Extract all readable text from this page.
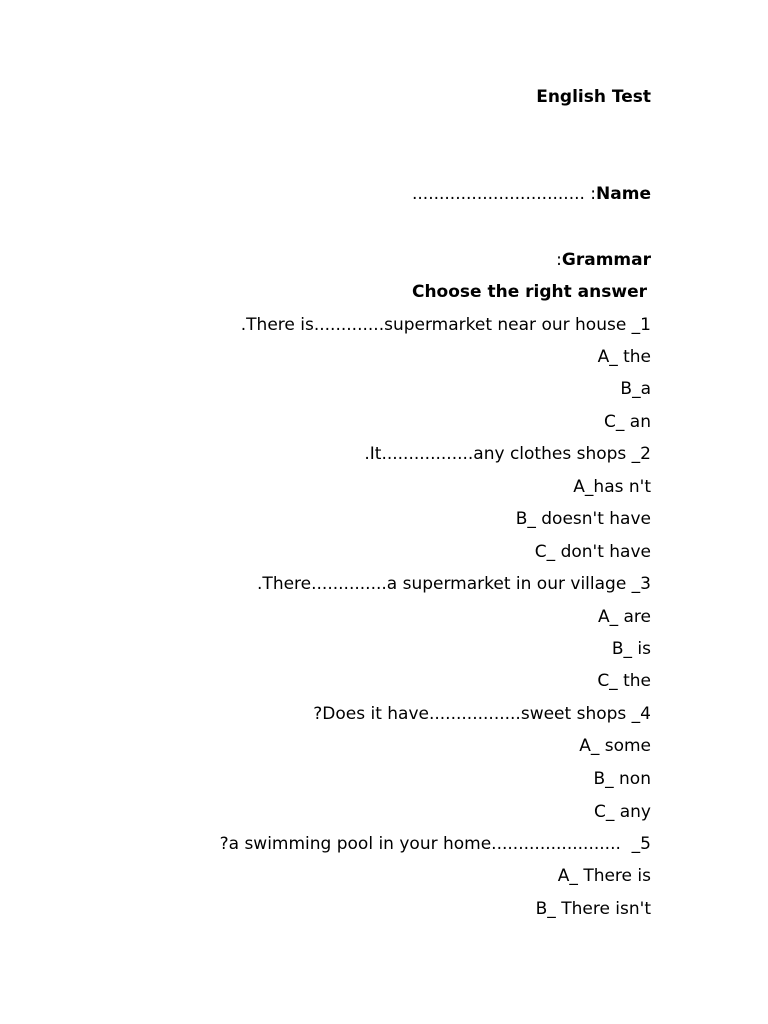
English Test
................................ :Name
:Grammar
Choose the right answer
.There is.............supermarket near our house _1
A_ the
B_a
C_ an
.It.................any clothes shops _2
A_has n't
B_ doesn't have
C_ don't have
.There..............a supermarket in our village _3
A_ are
B_ is
C_ the
?Does it have.................sweet shops _4
A_ some
B_ non
C_ any
?a swimming pool in your home........................  _5
A_ There is
B_ There isn't
